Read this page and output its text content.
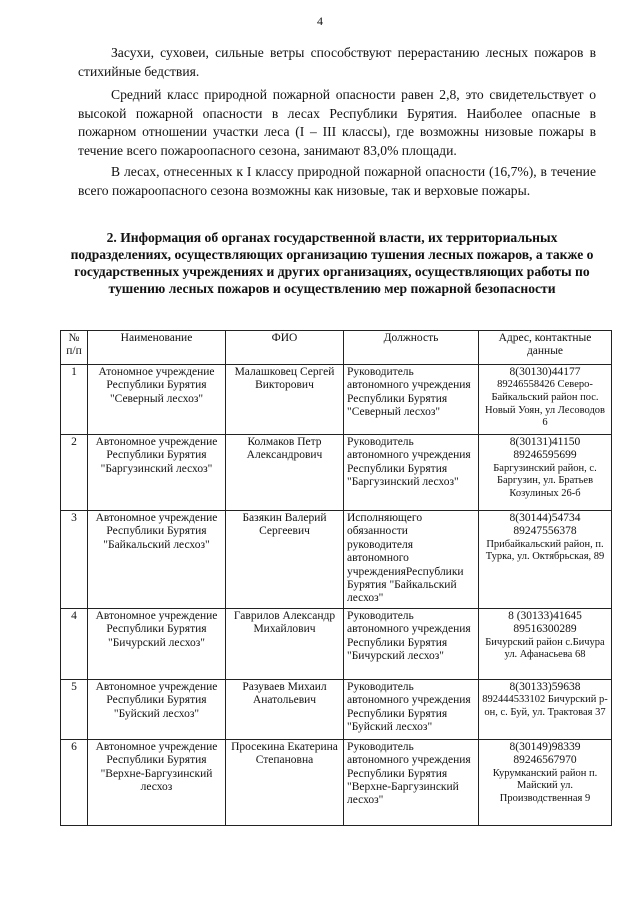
4

Засухи, суховеи, сильные ветры способствуют перерастанию лесных пожаров в стихийные бедствия.

Средний класс природной пожарной опасности равен 2,8, это свидетельствует о высокой пожарной опасности в лесах Республики Бурятия. Наиболее опасные в пожарном отношении участки леса (I – III классы), где возможны низовые пожары в течение всего пожароопасного сезона, занимают 83,0% площади.

В лесах, отнесенных к I классу природной пожарной опасности (16,7%), в течение всего пожароопасного сезона возможны как низовые, так и верховые пожары.

2. Информация об органах государственной власти, их территориальных подразделениях, осуществляющих организацию тушения лесных пожаров, а также о государственных учреждениях и других организациях, осуществляющих работы по тушению лесных пожаров и осуществлению мер пожарной безопасности
№ п/п	Наименование	ФИО	Должность	Адрес, контактные данные
1	Атономное учреждение Республики Бурятия "Северный лесхоз"	Малашковец Сергей Викторович	Руководитель автономного учреждения Республики Бурятия "Северный лесхоз"	8(30130)44177
89246558426 Северо-Байкальский район пос. Новый Уоян, ул Лесоводов 6

2	Автономное учреждение Республики Бурятия "Баргузинский лесхоз"	Колмаков Петр Александрович	Руководитель автономного учреждения Республики Бурятия "Баргузинский лесхоз"	8(30131)41150 89246595699
Баргузинский район, с. Баргузин, ул. Братьев Козулиных 26-б

3	Автономное учреждение Республики Бурятия "Байкальский лесхоз"	Базякин Валерий Сергеевич	Исполняющего обязанности руководителя автономного учрежденияРеспублики Бурятия "Байкальский лесхоз"	8(30144)54734 89247556378
Прибайкальский район, п. Турка, ул. Октябрьская, 89

4	Автономное учреждение Республики Бурятия "Бичурский лесхоз"	Гаврилов Александр Михайлович	Руководитель автономного учреждения Республики Бурятия "Бичурский лесхоз"	8 (30133)41645 89516300289
Бичурский район с.Бичура ул. Афанасьева 68

5	Автономное учреждение Республики Бурятия "Буйский лесхоз"	Разуваев Михаил Анатольевич	Руководитель автономного учреждения Республики Бурятия "Буйский лесхоз"	8(30133)59638
892444533102 Бичурский р-он, с. Буй, ул. Трактовая 37

6	Автономное учреждение Республики Бурятия "Верхне-Баргузинский лесхоз	Просекина Екатерина Степановна	Руководитель автономного учреждения Республики Бурятия "Верхне-Баргузинский лесхоз"	8(30149)98339 89246567970
Курумканский район п. Майский ул. Производственная 9
